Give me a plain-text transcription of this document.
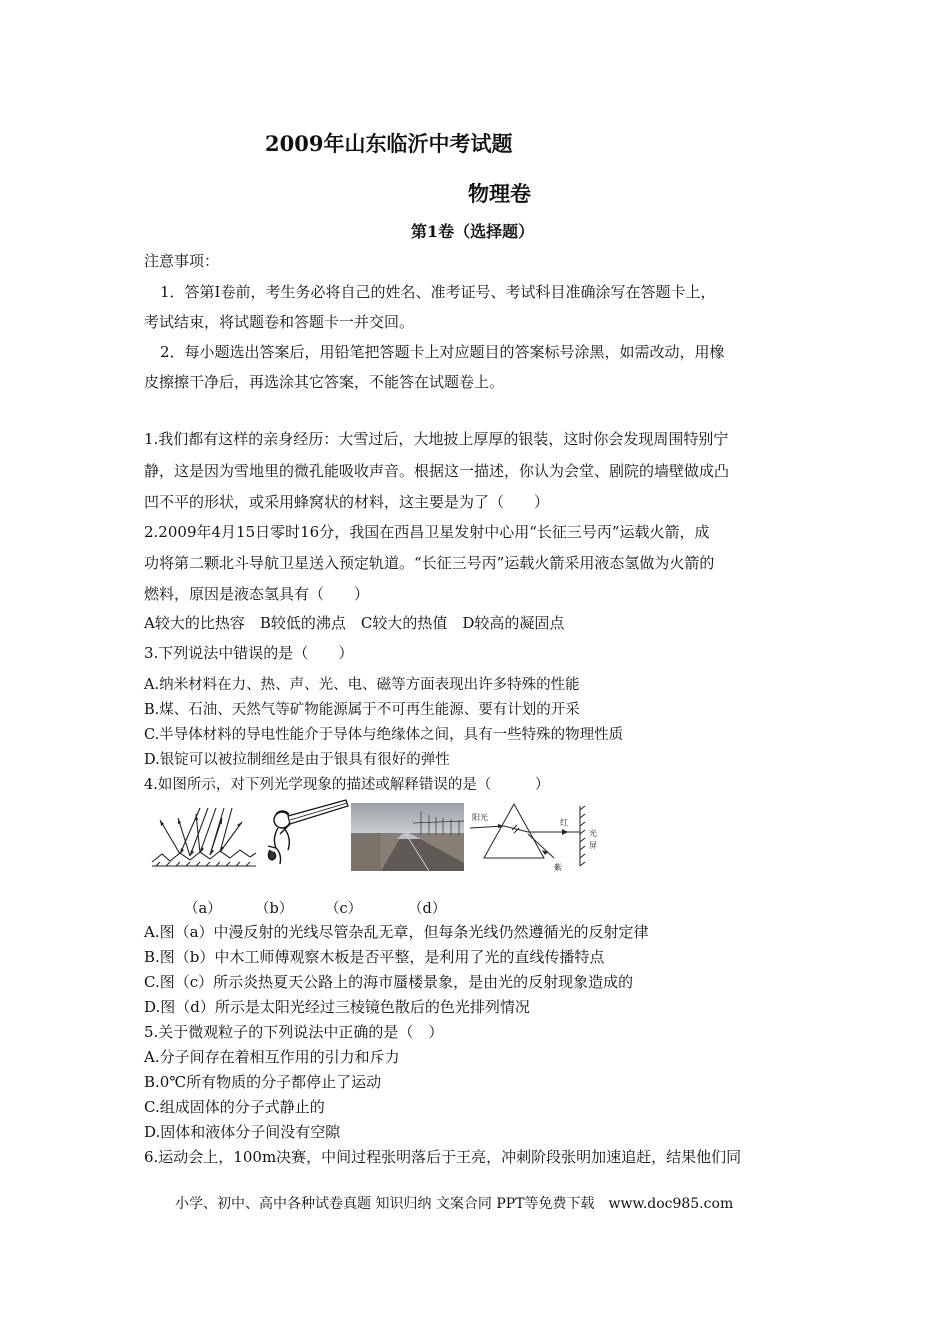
2009年山东临沂中考试题
物理卷
第1卷（选择题）
注意事项：
1．答第Ⅰ卷前，考生务必将自己的姓名、准考证号、考试科目准确涂写在答题卡上，
考试结束，将试题卷和答题卡一并交回。
2．每小题选出答案后，用铅笔把答题卡上对应题目的答案标号涂黑，如需改动，用橡
皮擦擦干净后，再选涂其它答案，不能答在试题卷上。
1.我们都有这样的亲身经历：大雪过后，大地披上厚厚的银装，这时你会发现周围特别宁
静，这是因为雪地里的微孔能吸收声音。根据这一描述，你认为会堂、剧院的墙壁做成凸
凹不平的形状，或采用蜂窝状的材料，这主要是为了（　　）
2.2009年4月15日零时16分，我国在西昌卫星发射中心用“长征三号丙”运载火箭，成
功将第二颗北斗导航卫星送入预定轨道。“长征三号丙”运载火箭采用液态氢做为火箭的
燃料，原因是液态氢具有（　　）
A较大的比热容　B较低的沸点　C较大的热值　D较高的凝固点
3.下列说法中错误的是（　　）
A.纳米材料在力、热、声、光、电、磁等方面表现出许多特殊的性能
B.煤、石油、天然气等矿物能源属于不可再生能源、要有计划的开采
C.半导体材料的导电性能介于导体与绝缘体之间，具有一些特殊的物理性质
D.银锭可以被拉制细丝是由于银具有很好的弹性
4.如图所示，对下列光学现象的描述或解释错误的是（　　　）
阳光
红
紫
光
屏
（a） （b） （c）	（d）
A.图（a）中漫反射的光线尽管杂乱无章，但每条光线仍然遵循光的反射定律
B.图（b）中木工师傅观察木板是否平整，是利用了光的直线传播特点
C.图（c）所示炎热夏天公路上的海市蜃楼景象，是由光的反射现象造成的
D.图（d）所示是太阳光经过三棱镜色散后的色光排列情况
5.关于微观粒子的下列说法中正确的是（　）
A.分子间存在着相互作用的引力和斥力
B.0℃所有物质的分子都停止了运动
C.组成固体的分子式静止的
D.固体和液体分子间没有空隙
6.运动会上，100m决赛，中间过程张明落后于王亮，冲刺阶段张明加速追赶，结果他们同
小学、初中、高中各种试卷真题 知识归纳 文案合同 PPT等免费下载　www.doc985.com
